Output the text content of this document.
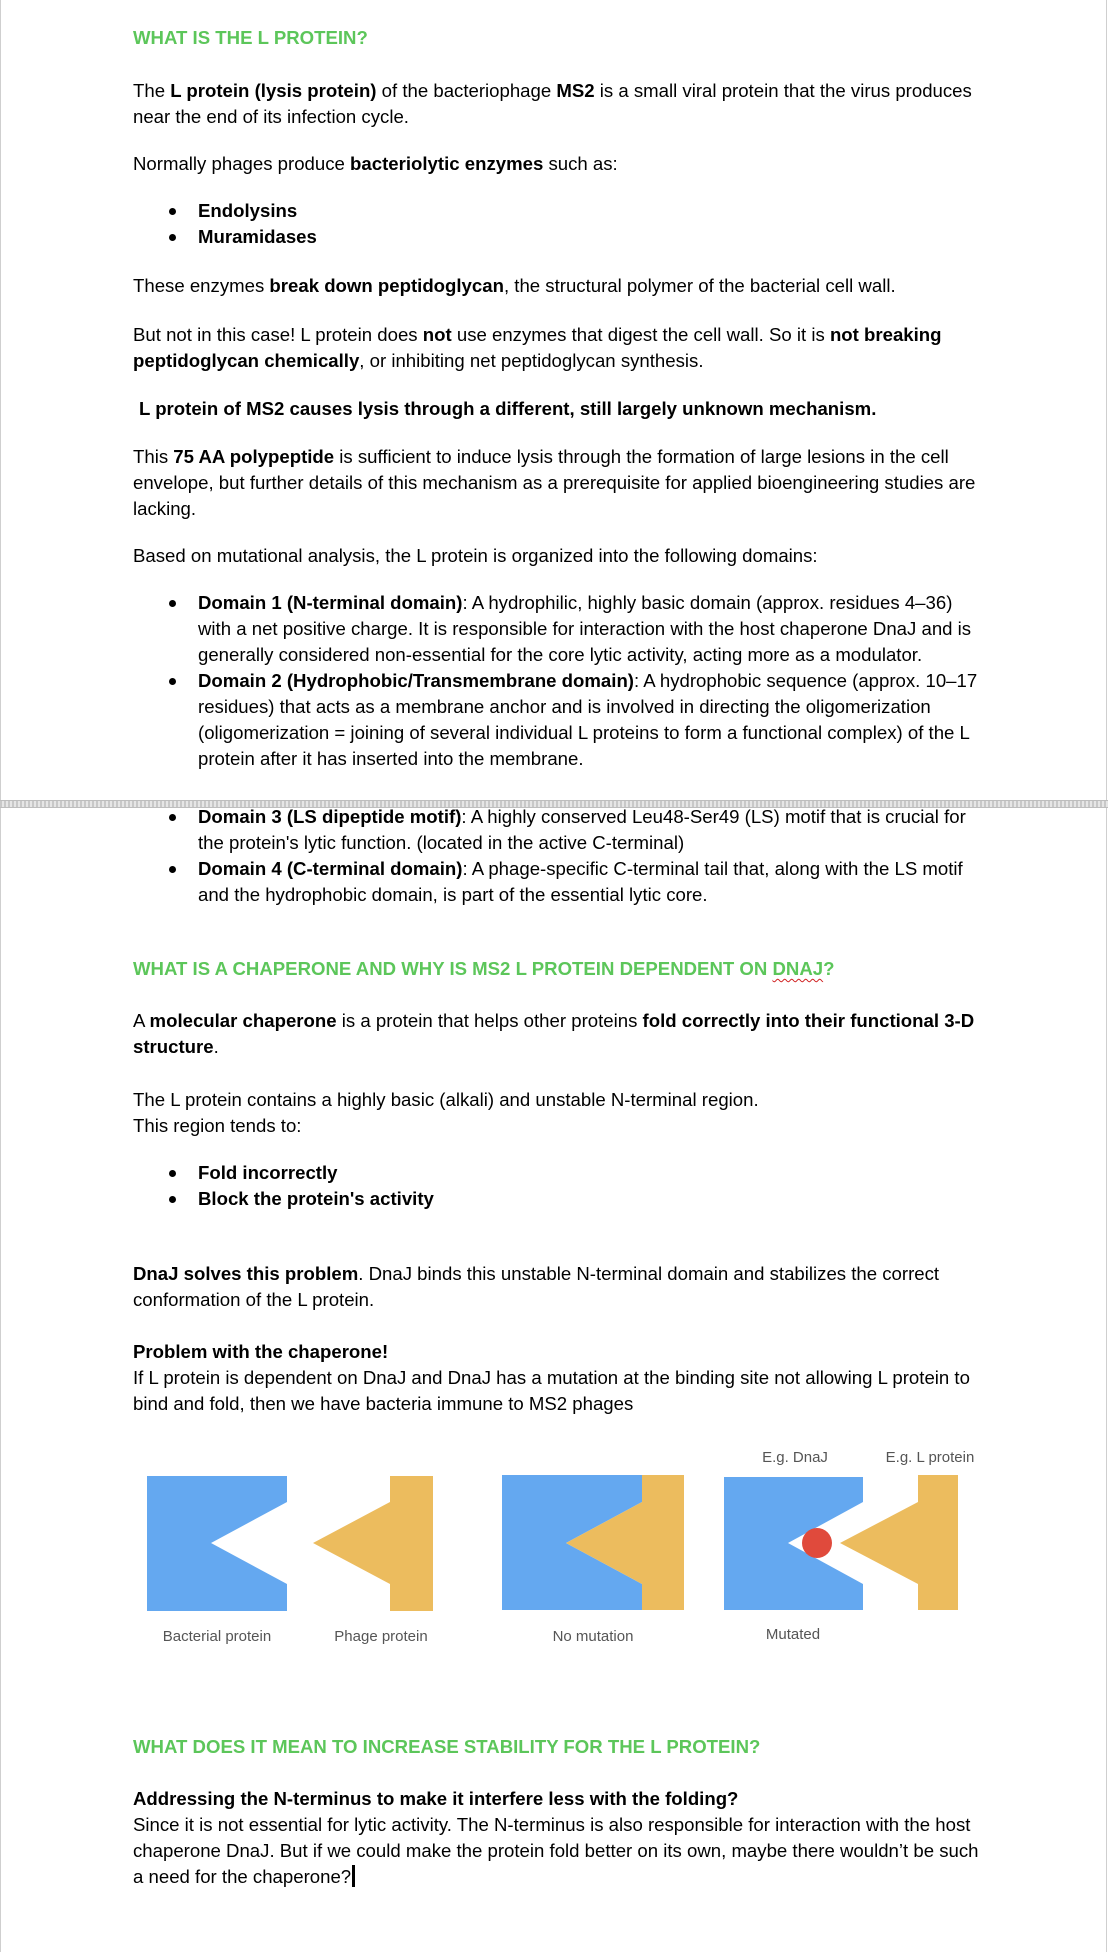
WHAT IS THE L PROTEIN?

The L protein (lysis protein) of the bacteriophage MS2 is a small viral protein that the virus produces near the end of its infection cycle.

Normally phages produce bacteriolytic enzymes such as:

Endolysins
Muramidases

These enzymes break down peptidoglycan, the structural polymer of the bacterial cell wall.

But not in this case! L protein does not use enzymes that digest the cell wall. So it is not breaking peptidoglycan chemically, or inhibiting net peptidoglycan synthesis.

L protein of MS2 causes lysis through a different, still largely unknown mechanism.

This 75 AA polypeptide is sufficient to induce lysis through the formation of large lesions in the cell envelope, but further details of this mechanism as a prerequisite for applied bioengineering studies are lacking.

Based on mutational analysis, the L protein is organized into the following domains:

Domain 1 (N-terminal domain): A hydrophilic, highly basic domain (approx. residues 4–36) with a net positive charge. It is responsible for interaction with the host chaperone DnaJ and is generally considered non-essential for the core lytic activity, acting more as a modulator.
Domain 2 (Hydrophobic/Transmembrane domain): A hydrophobic sequence (approx. 10–17 residues) that acts as a membrane anchor and is involved in directing the oligomerization (oligomerization = joining of several individual L proteins to form a functional complex) of the L protein after it has inserted into the membrane.
Domain 3 (LS dipeptide motif): A highly conserved Leu48-Ser49 (LS) motif that is crucial for the protein's lytic function. (located in the active C-terminal)
Domain 4 (C-terminal domain): A phage-specific C-terminal tail that, along with the LS motif and the hydrophobic domain, is part of the essential lytic core.
WHAT IS A CHAPERONE AND WHY IS MS2 L PROTEIN DEPENDENT ON DNAJ?

A molecular chaperone is a protein that helps other proteins fold correctly into their functional 3-D structure.

The L protein contains a highly basic (alkali) and unstable N-terminal region.
This region tends to:

Fold incorrectly
Block the protein's activity

DnaJ solves this problem. DnaJ binds this unstable N-terminal domain and stabilizes the correct conformation of the L protein.

Problem with the chaperone!
If L protein is dependent on DnaJ and DnaJ has a mutation at the binding site not allowing L protein to bind and fold, then we have bacteria immune to MS2 phages

WHAT DOES IT MEAN TO INCREASE STABILITY FOR THE L PROTEIN?

Addressing the N-terminus to make it interfere less with the folding?
Since it is not essential for lytic activity. The N-terminus is also responsible for interaction with the host chaperone DnaJ. But if we could make the protein fold better on its own, maybe there wouldn’t be such a need for the chaperone?

Bacterial protein	Phage protein	No mutation	Mutated
E.g. DnaJ	E.g. L protein
